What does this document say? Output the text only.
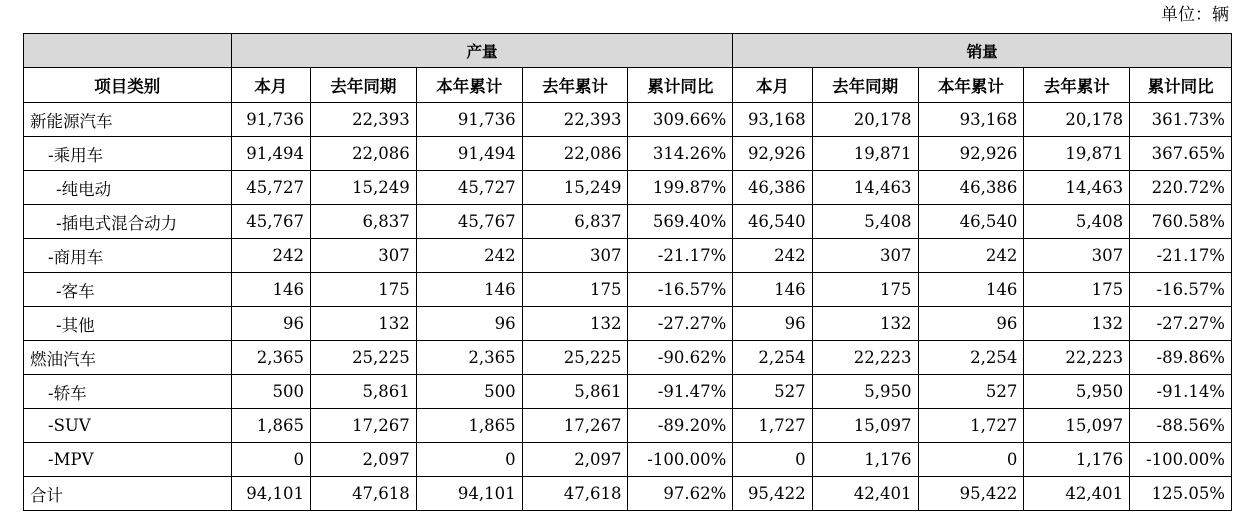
单位：辆
	产量					销量				
项目类别	本月	去年同期	本年累计	去年累计	累计同比	本月	去年同期	本年累计	去年累计	累计同比
新能源汽车	91,736	22,393	91,736	22,393	309.66%	93,168	20,178	93,168	20,178	361.73%
-乘用车	91,494	22,086	91,494	22,086	314.26%	92,926	19,871	92,926	19,871	367.65%
-纯电动	45,727	15,249	45,727	15,249	199.87%	46,386	14,463	46,386	14,463	220.72%
-插电式混合动力	45,767	6,837	45,767	6,837	569.40%	46,540	5,408	46,540	5,408	760.58%
-商用车	242	307	242	307	-21.17%	242	307	242	307	-21.17%
-客车	146	175	146	175	-16.57%	146	175	146	175	-16.57%
-其他	96	132	96	132	-27.27%	96	132	96	132	-27.27%
燃油汽车	2,365	25,225	2,365	25,225	-90.62%	2,254	22,223	2,254	22,223	-89.86%
-轿车	500	5,861	500	5,861	-91.47%	527	5,950	527	5,950	-91.14%
-SUV	1,865	17,267	1,865	17,267	-89.20%	1,727	15,097	1,727	15,097	-88.56%
-MPV	0	2,097	0	2,097	-100.00%	0	1,176	0	1,176	-100.00%
合计	94,101	47,618	94,101	47,618	97.62%	95,422	42,401	95,422	42,401	125.05%
